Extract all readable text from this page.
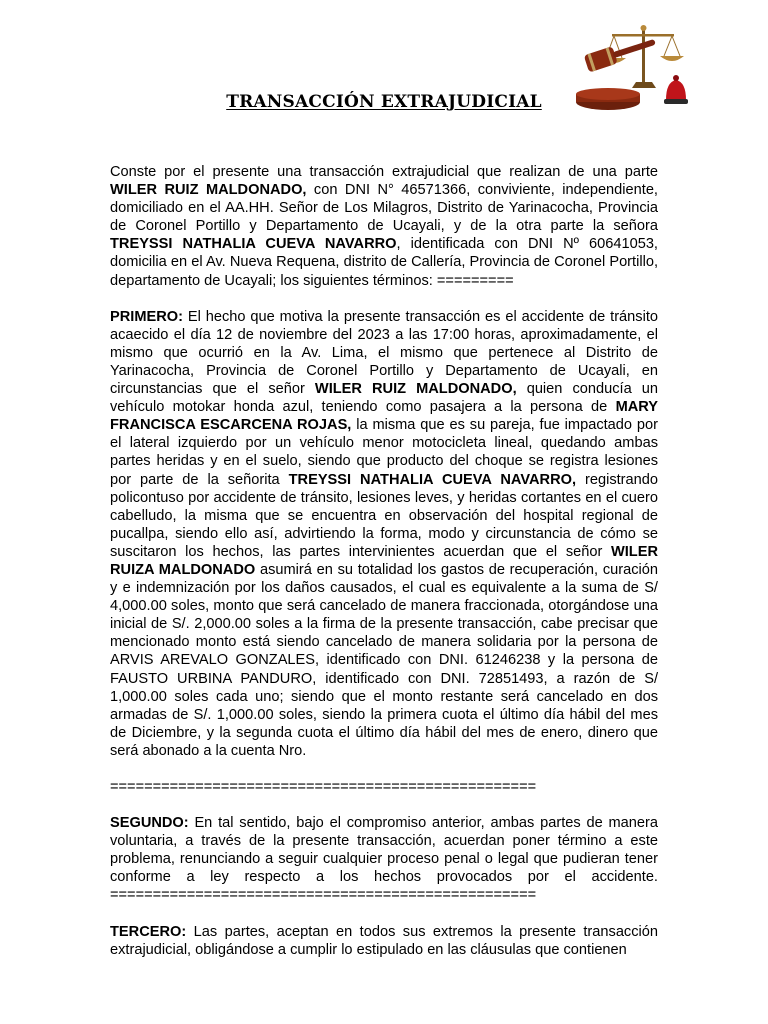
TRANSACCIÓN EXTRAJUDICIAL

Conste por el presente una transacción extrajudicial que realizan de una parte WILER RUIZ MALDONADO, con DNI N° 46571366, conviviente, independiente, domiciliado en el AA.HH. Señor de Los Milagros, Distrito de Yarinacocha, Provincia de Coronel Portillo y Departamento de Ucayali, y de la otra parte la señora TREYSSI NATHALIA CUEVA NAVARRO, identificada con DNI Nº 60641053, domicilia en el Av. Nueva Requena, distrito de Callería, Provincia de Coronel Portillo, departamento de Ucayali; los siguientes términos: =========

PRIMERO: El hecho que motiva la presente transacción es el accidente de tránsito acaecido el día 12 de noviembre del 2023 a las 17:00 horas, aproximadamente, el mismo que ocurrió en la Av. Lima, el mismo que pertenece al Distrito de Yarinacocha, Provincia de Coronel Portillo y Departamento de Ucayali, en circunstancias que el señor WILER RUIZ MALDONADO, quien conducía un vehículo motokar honda azul, teniendo como pasajera a la persona de MARY FRANCISCA ESCARCENA ROJAS, la misma que es su pareja, fue impactado por el lateral izquierdo por un vehículo menor motocicleta lineal, quedando ambas partes heridas y en el suelo, siendo que producto del choque se registra lesiones por parte de la señorita TREYSSI NATHALIA CUEVA NAVARRO, registrando policontuso por accidente de tránsito, lesiones leves, y heridas cortantes en el cuero cabelludo, la misma que se encuentra en observación del hospital regional de pucallpa, siendo ello así, advirtiendo la forma, modo y circunstancia de cómo se suscitaron los hechos, las partes intervinientes acuerdan que el señor WILER RUIZA MALDONADO asumirá en su totalidad los gastos de recuperación, curación y e indemnización por los daños causados, el cual es equivalente a la suma de S/ 4,000.00 soles, monto que será cancelado de manera fraccionada, otorgándose una inicial de S/. 2,000.00 soles a la firma de la presente transacción, cabe precisar que mencionado monto está siendo cancelado de manera solidaria por la persona de ARVIS AREVALO GONZALES, identificado con DNI. 61246238 y la persona de FAUSTO URBINA PANDURO, identificado con DNI. 72851493, a razón de S/ 1,000.00 soles cada uno; siendo que el monto restante será cancelado en dos armadas de S/. 1,000.00 soles, siendo la primera cuota el último día hábil del mes de Diciembre, y la segunda cuota el último día hábil del mes de enero, dinero que será abonado a la cuenta Nro.

==================================================

SEGUNDO: En tal sentido, bajo el compromiso anterior, ambas partes de manera voluntaria, a través de la presente transacción, acuerdan poner término a este problema, renunciando a seguir cualquier proceso penal o legal que pudieran tener conforme a ley respecto a los hechos provocados por el accidente. ==================================================

TERCERO: Las partes, aceptan en todos sus extremos la presente transacción extrajudicial, obligándose a cumplir lo estipulado en las cláusulas que contienen
